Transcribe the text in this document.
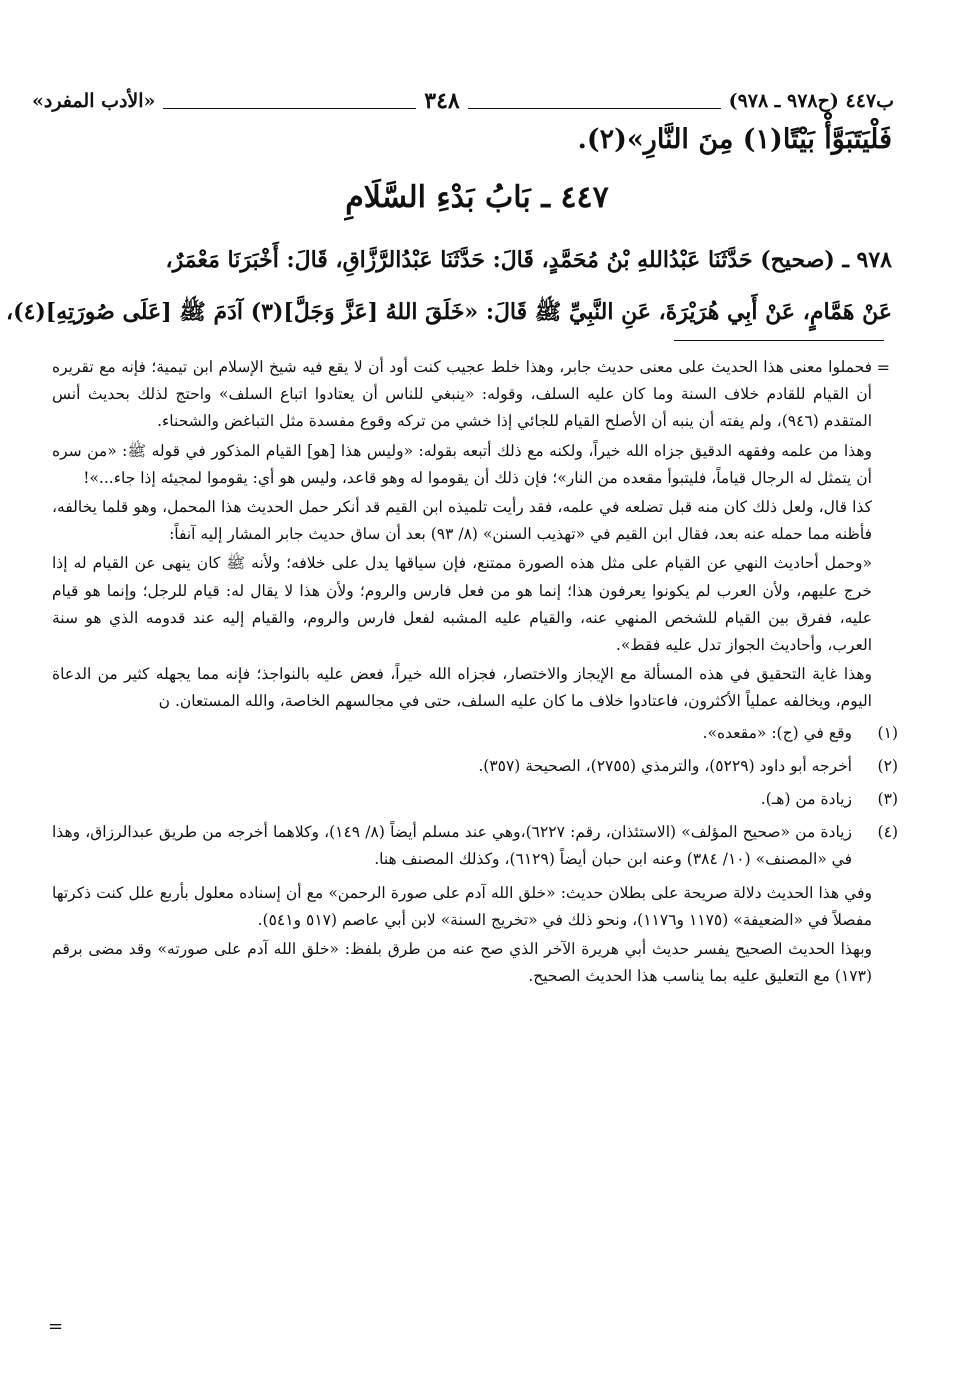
ب٤٤٧ (ح٩٧٨ ـ ٩٧٨)
٣٤٨
«الأدب المفرد»
فَلْيَتَبَوَّأْ بَيْتًا(١) مِنَ النَّارِ»(٢).
٤٤٧ ـ بَابُ بَدْءِ السَّلَامِ
٩٧٨ ـ (صحيح) حَدَّثَنَا عَبْدُاللهِ بْنُ مُحَمَّدٍ، قَالَ: حَدَّثَنَا عَبْدُالرَّزَّاقِ، قَالَ: أَخْبَرَنَا مَعْمَرٌ،
عَنْ هَمَّامٍ، عَنْ أَبِي هُرَيْرَةَ، عَنِ النَّبِيِّ ﷺ قَالَ: «خَلَقَ اللهُ [عَزَّ وَجَلَّ](٣) آدَمَ ﷺ [عَلَى صُورَتِهِ](٤)،
=

فحملوا معنى هذا الحديث على معنى حديث جابر، وهذا خلط عجيب كنت أود أن لا يقع فيه شيخ الإسلام ابن تيمية؛ فإنه مع تقريره أن القيام للقادم خلاف السنة وما كان عليه السلف، وقوله: «ينبغي للناس أن يعتادوا اتباع السلف» واحتج لذلك بحديث أنس المتقدم (٩٤٦)، ولم يفته أن ينبه أن الأصلح القيام للجائي إذا خشي من تركه وقوع مفسدة مثل التباغض والشحناء.

وهذا من علمه وفقهه الدقيق جزاه الله خيراً، ولكنه مع ذلك أتبعه بقوله: «وليس هذا [هو] القيام المذكور في قوله ﷺ: «من سره أن يتمثل له الرجال قياماً، فليتبوأ مقعده من النار»؛ فإن ذلك أن يقوموا له وهو قاعد، وليس هو أي: يقوموا لمجيئه إذا جاء...»!

كذا قال، ولعل ذلك كان منه قبل تضلعه في علمه، فقد رأيت تلميذه ابن القيم قد أنكر حمل الحديث هذا المحمل، وهو قلما يخالفه، فأظنه مما حمله عنه بعد، فقال ابن القيم في «تهذيب السنن» (٨/ ٩٣) بعد أن ساق حديث جابر المشار إليه آنفاً:

«وحمل أحاديث النهي عن القيام على مثل هذه الصورة ممتنع، فإن سياقها يدل على خلافه؛ ولأنه ﷺ كان ينهى عن القيام له إذا خرج عليهم، ولأن العرب لم يكونوا يعرفون هذا؛ إنما هو من فعل فارس والروم؛ ولأن هذا لا يقال له: قيام للرجل؛ وإنما هو قيام عليه، ففرق بين القيام للشخص المنهي عنه، والقيام عليه المشبه لفعل فارس والروم، والقيام إليه عند قدومه الذي هو سنة العرب، وأحاديث الجواز تدل عليه فقط».

وهذا غاية التحقيق في هذه المسألة مع الإيجاز والاختصار، فجزاه الله خيراً، فعض عليه بالنواجذ؛ فإنه مما يجهله كثير من الدعاة اليوم، ويخالفه عملياً الأكثرون، فاعتادوا خلاف ما كان عليه السلف، حتى في مجالسهم الخاصة، والله المستعان. ن

(١)
وقع في (ج): «مقعده».
(٢)
أخرجه أبو داود (٥٢٢٩)، والترمذي (٢٧٥٥)، الصحيحة (٣٥٧).
(٣)
زيادة من (هـ).
(٤)
زيادة من «صحيح المؤلف» (الاستئذان، رقم: ٦٢٢٧)،وهي عند مسلم أيضاً (٨/ ١٤٩)، وكلاهما أخرجه من طريق عبدالرزاق، وهذا في «المصنف» (١٠/ ٣٨٤) وعنه ابن حبان أيضاً (٦١٢٩)، وكذلك المصنف هنا.

وفي هذا الحديث دلالة صريحة على بطلان حديث: «خلق الله آدم على صورة الرحمن» مع أن إسناده معلول بأربع علل كنت ذكرتها مفصلاً في «الضعيفة» (١١٧٥ و١١٧٦)، ونحو ذلك في «تخريج السنة» لابن أبي عاصم (٥١٧ و٥٤١).

وبهذا الحديث الصحيح يفسر حديث أبي هريرة الآخر الذي صح عنه من طرق بلفظ: «خلق الله آدم على صورته» وقد مضى برقم (١٧٣) مع التعليق عليه بما يناسب هذا الحديث الصحيح.

=
